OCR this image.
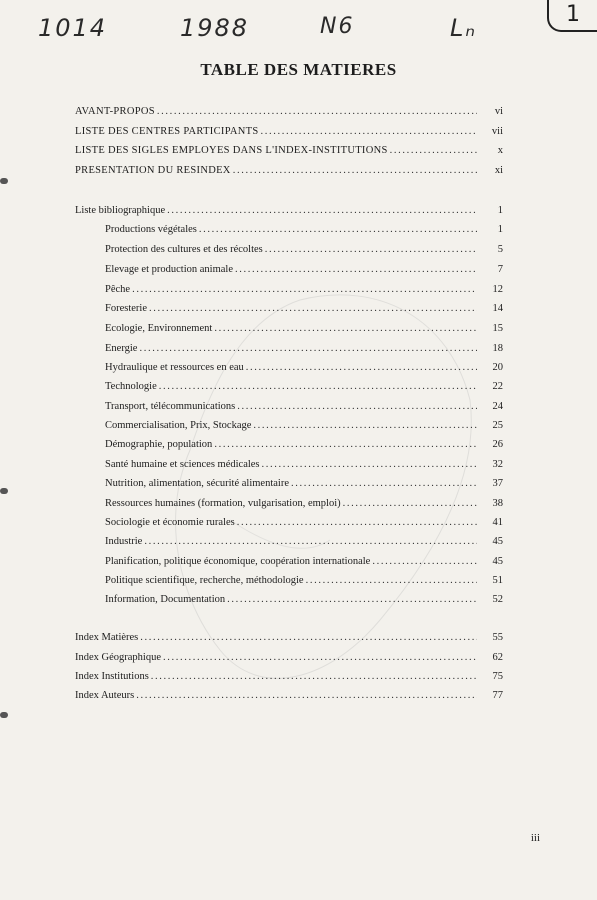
1014	1988	N6	Lₙ	1
TABLE DES MATIERES
AVANT-PROPOS . . .	vi
LISTE DES CENTRES PARTICIPANTS . . .	vii
LISTE DES SIGLES EMPLOYES DANS L'INDEX-INSTITUTIONS . . .	x
PRESENTATION DU RESINDEX . . .	xi
Liste bibliographique . . .	1
Productions végétales . . .	1
Protection des cultures et des récoltes . . .	5
Elevage et production animale . . .	7
Pêche . . .	12
Foresterie . . .	14
Ecologie, Environnement . . .	15
Energie . . .	18
Hydraulique et ressources en eau . . .	20
Technologie . . .	22
Transport, télécommunications . . .	24
Commercialisation, Prix, Stockage . . .	25
Démographie, population . . .	26
Santé humaine et sciences médicales . . .	32
Nutrition, alimentation, sécurité alimentaire . . .	37
Ressources humaines (formation, vulgarisation, emploi) . . .	38
Sociologie et économie rurales . . .	41
Industrie . . .	45
Planification, politique économique, coopération internationale . . .	45
Politique scientifique, recherche, méthodologie . . .	51
Information, Documentation . . .	52
Index Matières . . .	55
Index Géographique . . .	62
Index Institutions . . .	75
Index Auteurs . . .	77
iii
